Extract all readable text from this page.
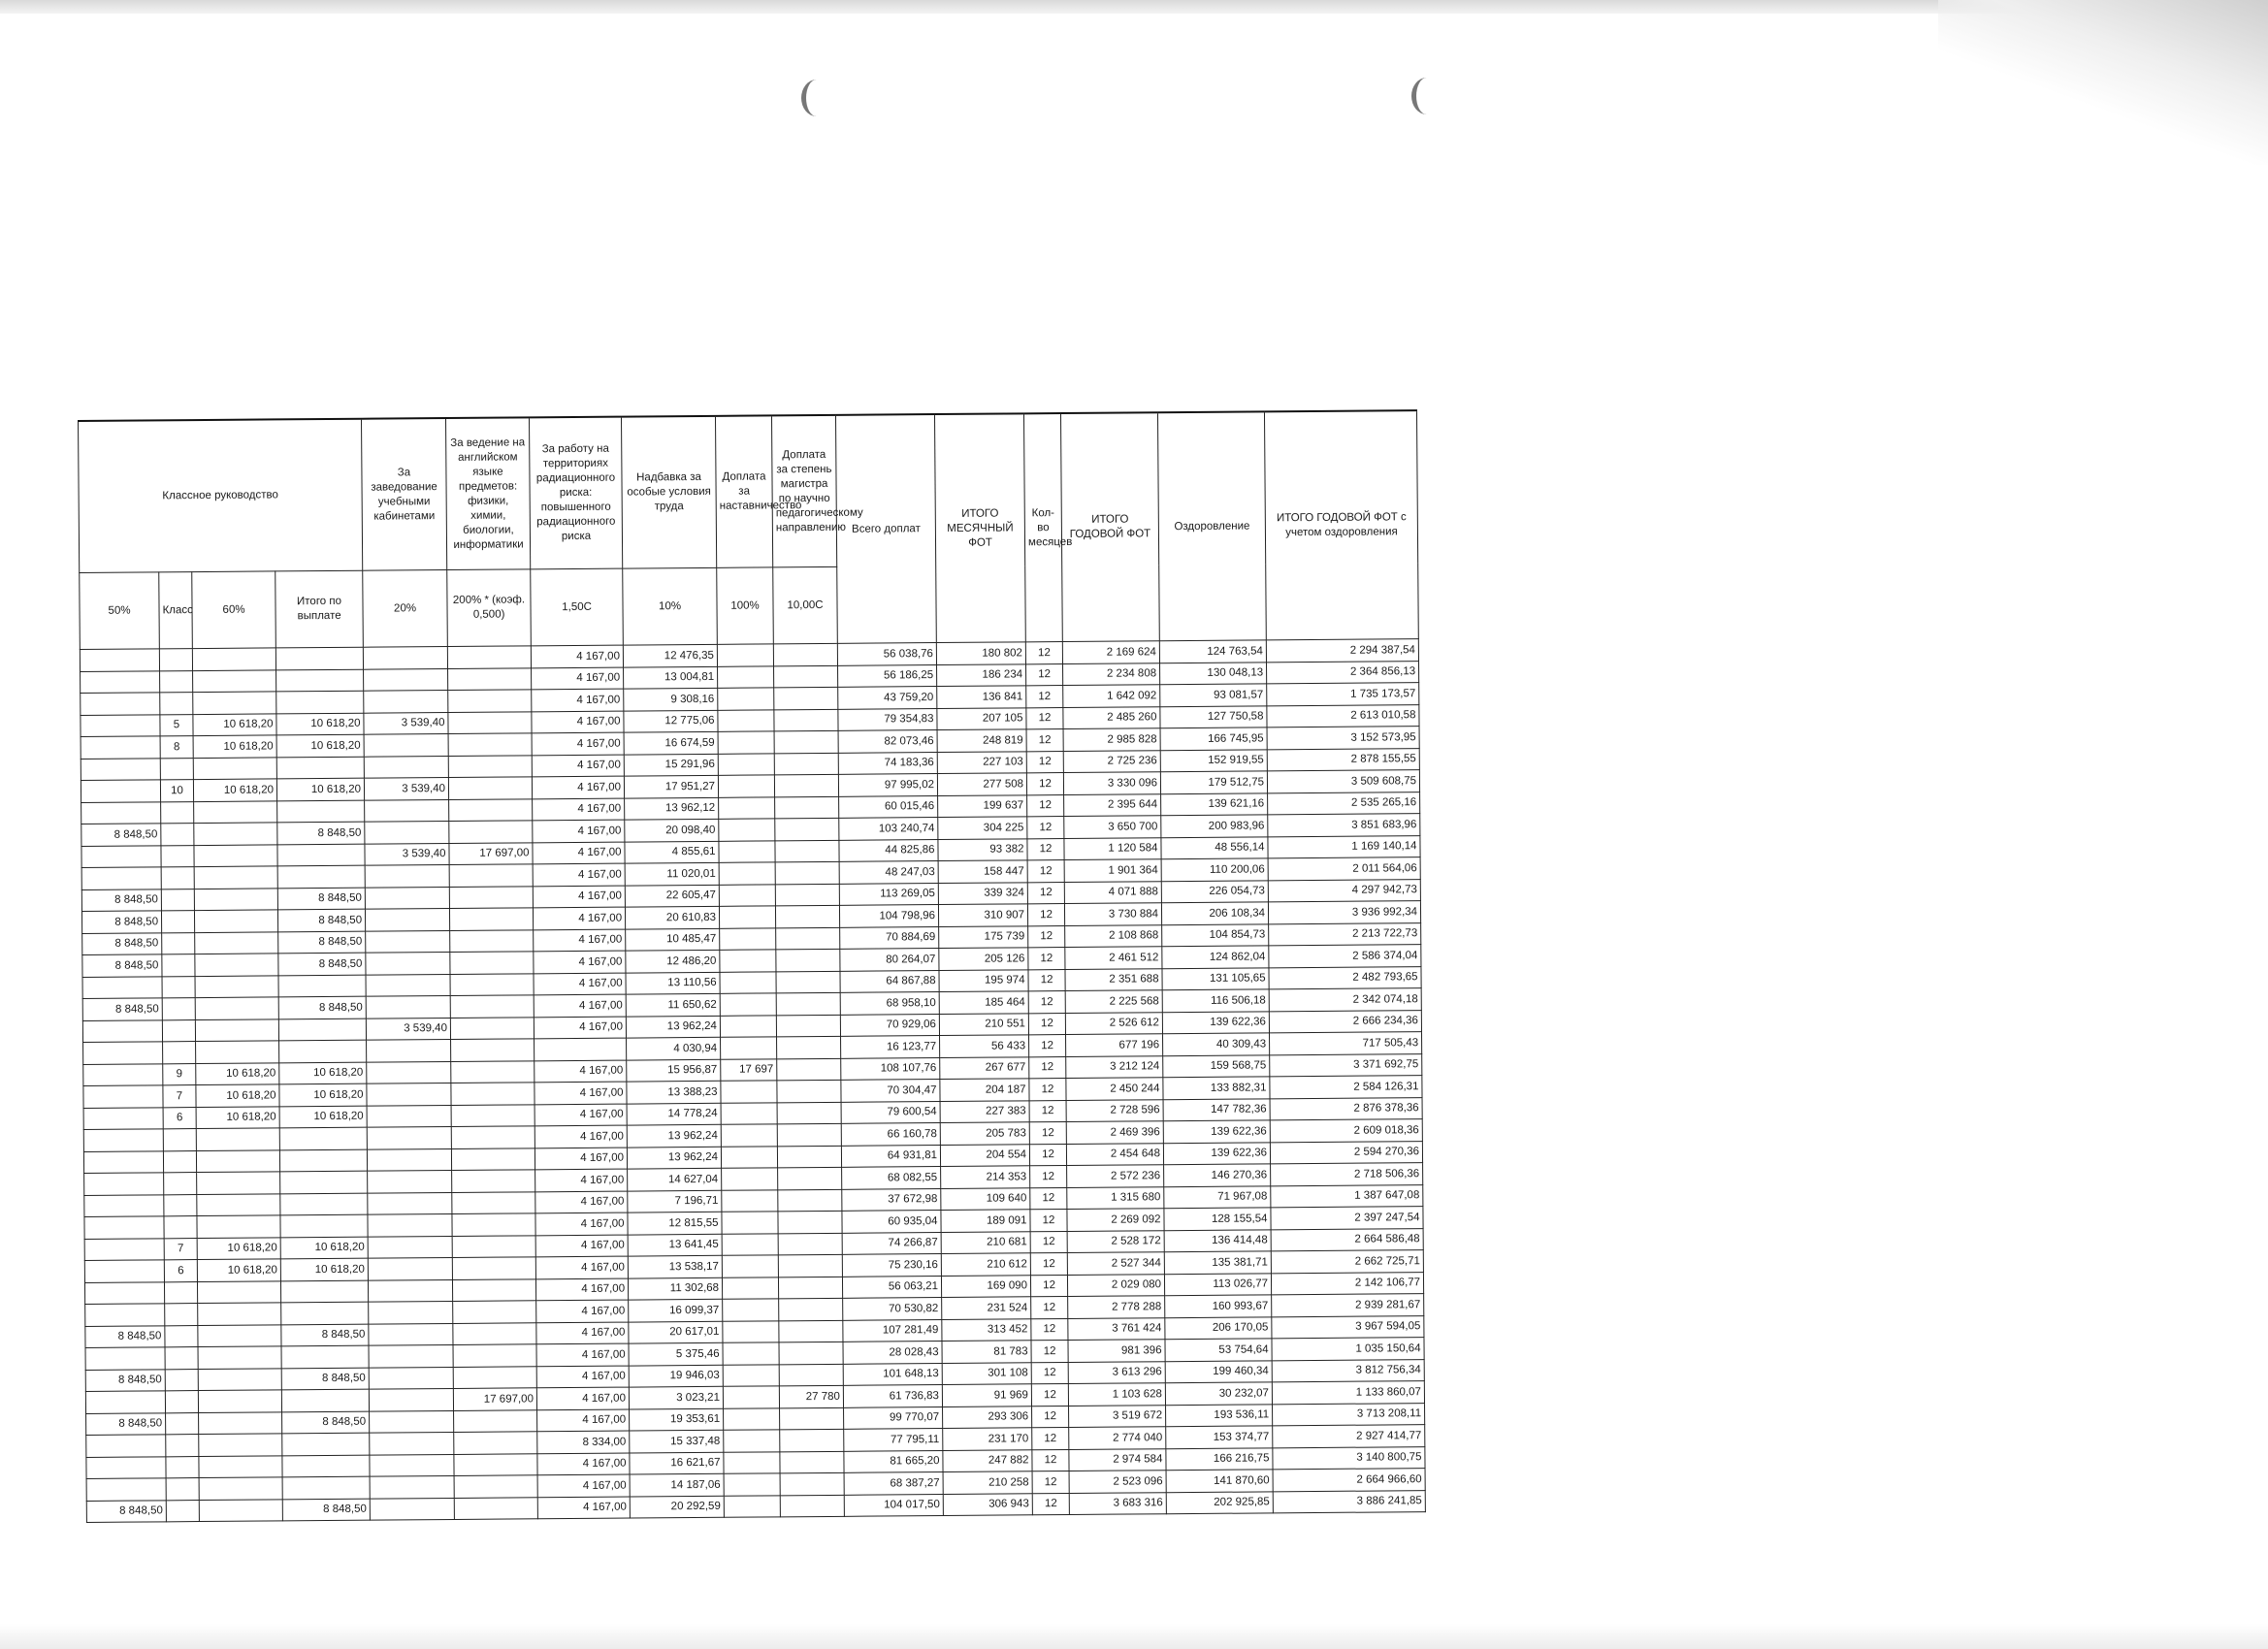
Классное руководство				За заведование учебными кабинетами	За ведение на английском языке предметов: физики, химии, биологии, информатики	За работу на территориях радиационного риска: повышенного радиационного риска	Надбавка за особые условия труда	Доплата за наставничество	Доплата за степень магистра по научно педагогическому направлению	Всего доплат	ИТОГО МЕСЯЧНЫЙ ФОТ	Кол-во месяцев	ИТОГО ГОДОВОЙ ФОТ	Оздоровление	ИТОГО ГОДОВОЙ ФОТ с учетом оздоровления
50%	Класс	60%	Итого по выплате	20%	200% * (коэф. 0,500)	1,50С	10%	100%	10,00С						
						4 167,00	12 476,35			56 038,76	180 802	12	2 169 624	124 763,54	2 294 387,54
						4 167,00	13 004,81			56 186,25	186 234	12	2 234 808	130 048,13	2 364 856,13
						4 167,00	9 308,16			43 759,20	136 841	12	1 642 092	93 081,57	1 735 173,57
	5	10 618,20	10 618,20	3 539,40		4 167,00	12 775,06			79 354,83	207 105	12	2 485 260	127 750,58	2 613 010,58
	8	10 618,20	10 618,20			4 167,00	16 674,59			82 073,46	248 819	12	2 985 828	166 745,95	3 152 573,95
						4 167,00	15 291,96			74 183,36	227 103	12	2 725 236	152 919,55	2 878 155,55
	10	10 618,20	10 618,20	3 539,40		4 167,00	17 951,27			97 995,02	277 508	12	3 330 096	179 512,75	3 509 608,75
						4 167,00	13 962,12			60 015,46	199 637	12	2 395 644	139 621,16	2 535 265,16
8 848,50			8 848,50			4 167,00	20 098,40			103 240,74	304 225	12	3 650 700	200 983,96	3 851 683,96
				3 539,40	17 697,00	4 167,00	4 855,61			44 825,86	93 382	12	1 120 584	48 556,14	1 169 140,14
						4 167,00	11 020,01			48 247,03	158 447	12	1 901 364	110 200,06	2 011 564,06
8 848,50			8 848,50			4 167,00	22 605,47			113 269,05	339 324	12	4 071 888	226 054,73	4 297 942,73
8 848,50			8 848,50			4 167,00	20 610,83			104 798,96	310 907	12	3 730 884	206 108,34	3 936 992,34
8 848,50			8 848,50			4 167,00	10 485,47			70 884,69	175 739	12	2 108 868	104 854,73	2 213 722,73
8 848,50			8 848,50			4 167,00	12 486,20			80 264,07	205 126	12	2 461 512	124 862,04	2 586 374,04
						4 167,00	13 110,56			64 867,88	195 974	12	2 351 688	131 105,65	2 482 793,65
8 848,50			8 848,50			4 167,00	11 650,62			68 958,10	185 464	12	2 225 568	116 506,18	2 342 074,18
				3 539,40		4 167,00	13 962,24			70 929,06	210 551	12	2 526 612	139 622,36	2 666 234,36
							4 030,94			16 123,77	56 433	12	677 196	40 309,43	717 505,43
	9	10 618,20	10 618,20			4 167,00	15 956,87	17 697		108 107,76	267 677	12	3 212 124	159 568,75	3 371 692,75
	7	10 618,20	10 618,20			4 167,00	13 388,23			70 304,47	204 187	12	2 450 244	133 882,31	2 584 126,31
	6	10 618,20	10 618,20			4 167,00	14 778,24			79 600,54	227 383	12	2 728 596	147 782,36	2 876 378,36
						4 167,00	13 962,24			66 160,78	205 783	12	2 469 396	139 622,36	2 609 018,36
						4 167,00	13 962,24			64 931,81	204 554	12	2 454 648	139 622,36	2 594 270,36
						4 167,00	14 627,04			68 082,55	214 353	12	2 572 236	146 270,36	2 718 506,36
						4 167,00	7 196,71			37 672,98	109 640	12	1 315 680	71 967,08	1 387 647,08
						4 167,00	12 815,55			60 935,04	189 091	12	2 269 092	128 155,54	2 397 247,54
	7	10 618,20	10 618,20			4 167,00	13 641,45			74 266,87	210 681	12	2 528 172	136 414,48	2 664 586,48
	6	10 618,20	10 618,20			4 167,00	13 538,17			75 230,16	210 612	12	2 527 344	135 381,71	2 662 725,71
						4 167,00	11 302,68			56 063,21	169 090	12	2 029 080	113 026,77	2 142 106,77
						4 167,00	16 099,37			70 530,82	231 524	12	2 778 288	160 993,67	2 939 281,67
8 848,50			8 848,50			4 167,00	20 617,01			107 281,49	313 452	12	3 761 424	206 170,05	3 967 594,05
						4 167,00	5 375,46			28 028,43	81 783	12	981 396	53 754,64	1 035 150,64
8 848,50			8 848,50			4 167,00	19 946,03			101 648,13	301 108	12	3 613 296	199 460,34	3 812 756,34
					17 697,00	4 167,00	3 023,21		27 780	61 736,83	91 969	12	1 103 628	30 232,07	1 133 860,07
8 848,50			8 848,50			4 167,00	19 353,61			99 770,07	293 306	12	3 519 672	193 536,11	3 713 208,11
						8 334,00	15 337,48			77 795,11	231 170	12	2 774 040	153 374,77	2 927 414,77
						4 167,00	16 621,67			81 665,20	247 882	12	2 974 584	166 216,75	3 140 800,75
						4 167,00	14 187,06			68 387,27	210 258	12	2 523 096	141 870,60	2 664 966,60
8 848,50			8 848,50			4 167,00	20 292,59			104 017,50	306 943	12	3 683 316	202 925,85	3 886 241,85
